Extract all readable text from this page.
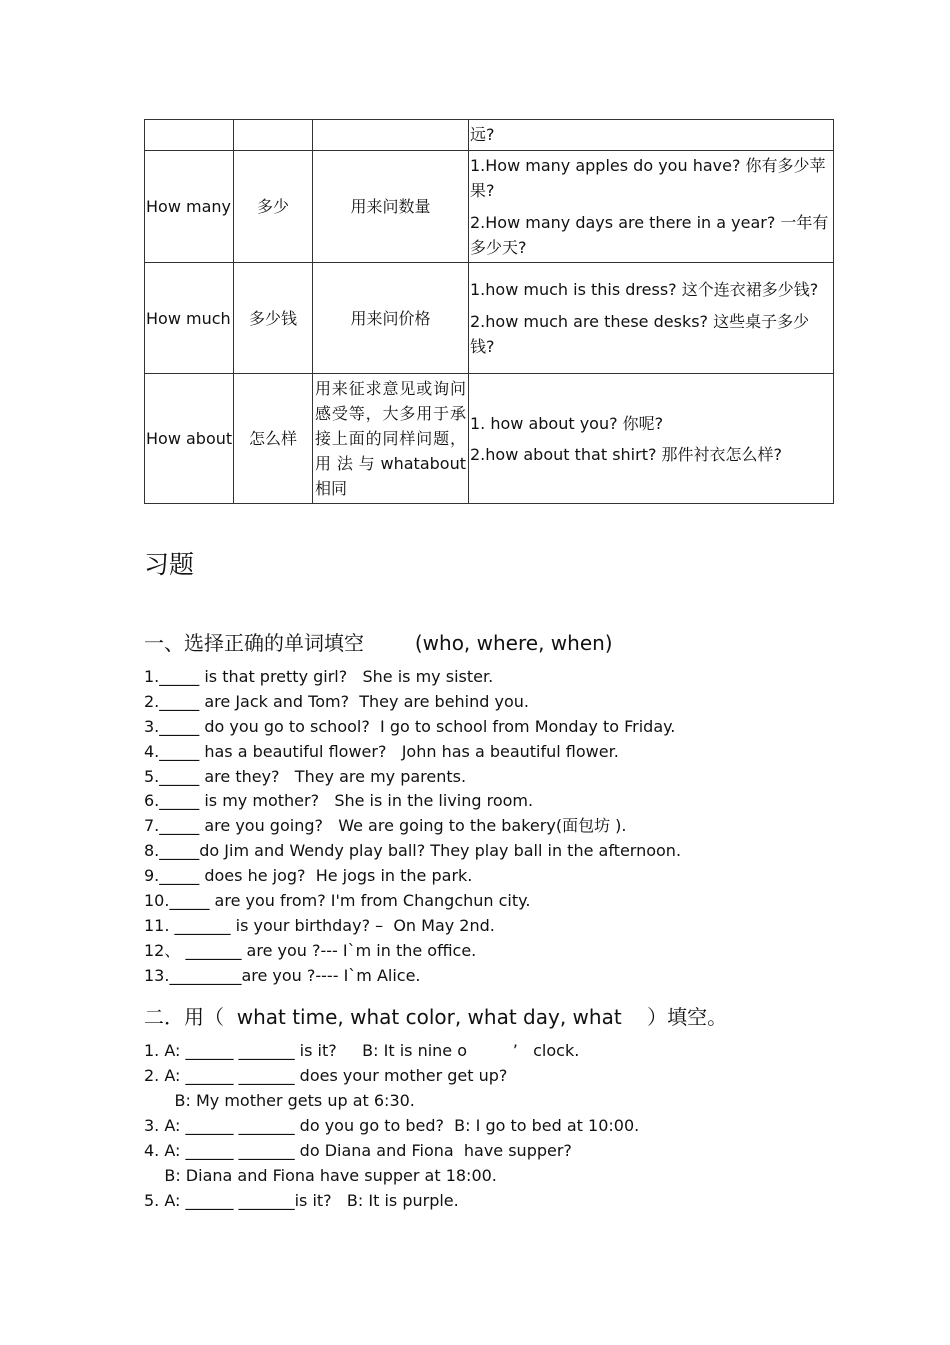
			远?

How many	多少	用来问数量	1.How many apples do you have? 你有多少苹果?
2.How many days are there in a year? 一年有多少天?

How much	多少钱	用来问价格	1.how much is this dress? 这个连衣裙多少钱?
2.how much are these desks? 这些桌子多少钱?

How about	怎么样	用来征求意见或询问感受等，大多用于承接上面的同样问题，用法与whatabout 相同	1. how about you? 你呢?
2.how about that shirt? 那件衬衣怎么样?
习题
一、选择正确的单词填空        (who, where, when)
1._____ is that pretty girl?   She is my sister.
2._____ are Jack and Tom?  They are behind you.
3._____ do you go to school?  I go to school from Monday to Friday.
4._____ has a beautiful flower?   John has a beautiful flower.
5._____ are they?   They are my parents.
6._____ is my mother?   She is in the living room.
7._____ are you going?   We are going to the bakery(面包坊 ).
8._____do Jim and Wendy play ball? They play ball in the afternoon.
9._____ does he jog?  He jogs in the park.
10._____ are you from? I'm from Changchun city.
11. _______ is your birthday? –  On May 2nd.
12、 _______ are you ?--- I`m in the office.
13._________are you ?---- I`m Alice.
二．用（  what time, what color, what day, what    ）填空。
1. A: ______ _______ is it?     B: It is nine o         ’   clock.
2. A: ______ _______ does your mother get up?
B: My mother gets up at 6:30.
3. A: ______ _______ do you go to bed?  B: I go to bed at 10:00.
4. A: ______ _______ do Diana and Fiona  have supper?
B: Diana and Fiona have supper at 18:00.
5. A: ______ _______is it?   B: It is purple.
